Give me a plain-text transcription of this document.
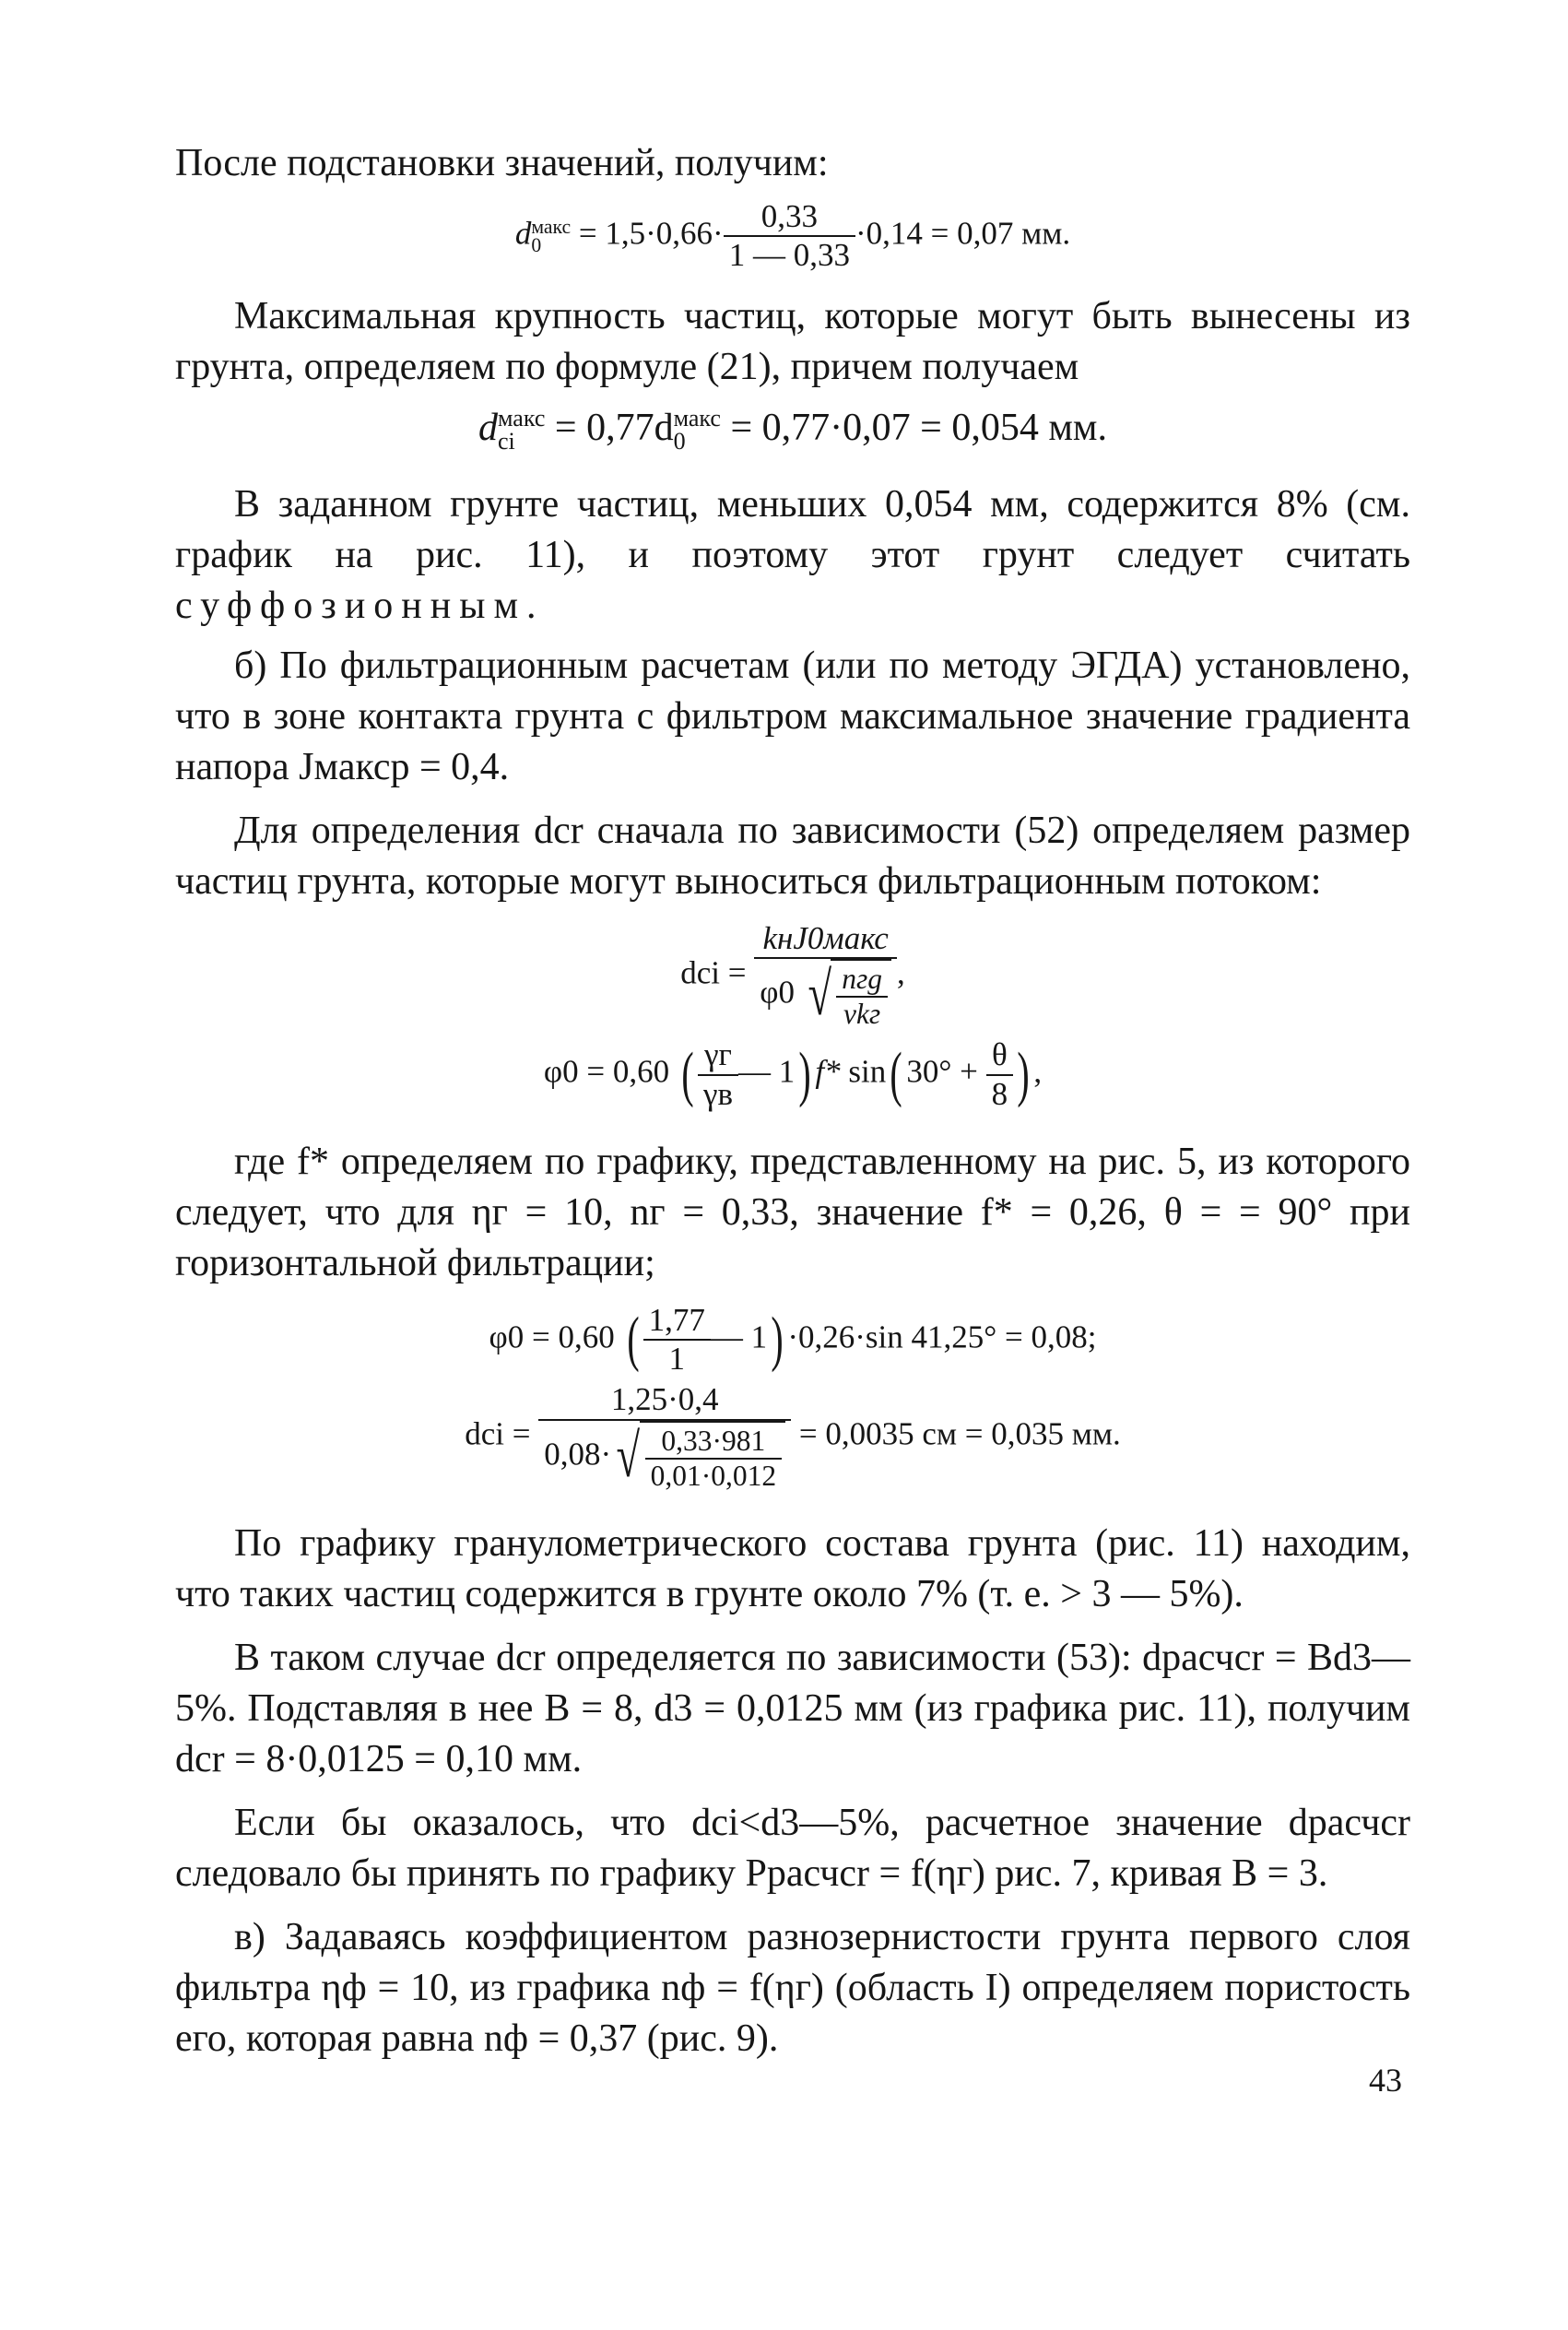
После подстановки значений, получим:

d макс
0	= $1,5\cdot 0,66\cdot \frac{0,33}{1 — 0,33} \cdot 0,14 = 0,07$ мм.

Максимальная крупность частиц, которые могут быть вынесены из грунта, определяем по формуле (21), причем получаем

d макс
ci	= 0,77d макс
0	= 0,77·0,07 = 0,054 мм.

В заданном грунте частиц, меньших 0,054 мм, содержится 8% (см. график на рис. 11), и поэтому этот грунт следует считать суффозионным.

б) По фильтрационным расчетам (или по методу ЭГДА) установлено, что в зоне контакта грунта с фильтром максимальное значение градиента напора Jмаксp = 0,4.

Для определения dcr сначала по зависимости (52) определяем размер частиц грунта, которые могут выноситься фильтрационным потоком:

dci = $\frac{\text{kнJ0макс}}{\varphi 0 √ \frac{\text{nгg}}{\text{νkг}}}$ ,
φ0 = 0,60 ( $\frac{\gamma г}{\gamma в}$ — 1) f* sin( $30^\circ + \frac{\theta}{8}$ ) ,

где f* определяем по графику, представленному на рис. 5, из которого следует, что для ηг = 10, nг = 0,33, значение f* = 0,26, θ = = 90° при горизонтальной фильтрации;

φ0 = 0,60 ( $\frac{1,77}{1}$ — 1) ·0,26·sin 41,25° = 0,08;
dci = $\frac{1,25\cdot 0,4}{0,08\cdot√ \frac{0,33\cdot 981}{0,01\cdot 0,012}} = 0,0035$ см = 0,035 мм.

По графику гранулометрического состава грунта (рис. 11) находим, что таких частиц содержится в грунте около 7% (т. е. > 3 — 5%).

В таком случае dcr определяется по зависимости (53): dрасчcr = Bd3—5%. Подставляя в нее B = 8, d3 = 0,0125 мм (из графика рис. 11), получим dcr = 8·0,0125 = 0,10 мм.

Если бы оказалось, что dci<d3—5%, расчетное значение dрасчcr следовало бы принять по графику Pрасчcr = f(ηг) рис. 7, кривая B = 3.

в) Задаваясь коэффициентом разнозернистости грунта первого слоя фильтра ηф = 10, из графика nф = f(ηг) (область I) определяем пористость его, которая равна nф = 0,37 (рис. 9).

43
